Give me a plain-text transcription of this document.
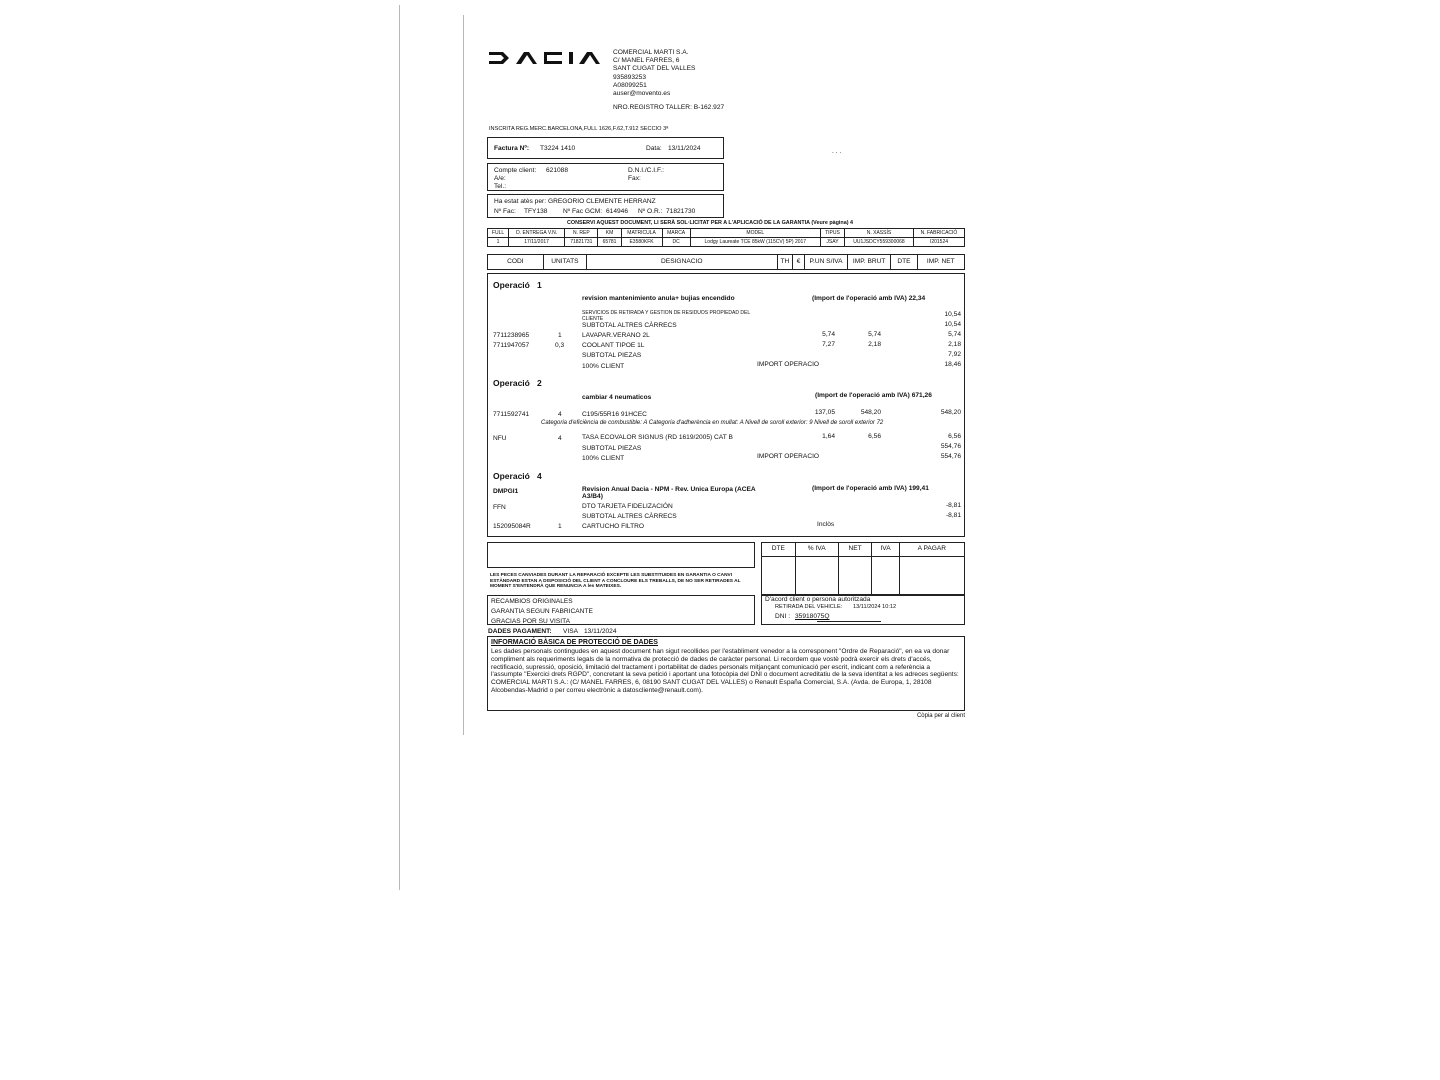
COMERCIAL MARTI S.A.
C/ MANEL FARRES, 6
SANT CUGAT DEL VALLES
935893253
A08099251
auser@movento.es
NRO.REGISTRO TALLER: B-162.927
INSCRITA REG.MERC.BARCELONA,FULL 1626,F.62,T.912 SECCIO 3ª
. . .
Factura Nº: T3224 1410	Data: 13/11/2024
Compte client: 621088	D.N.I./C.I.F.:
A/e:	Fax:
Tel.:
Ha estat atès per: GREGORIO CLEMENTE HERRANZ
Nº Fac: TFY138 Nº Fac GCM: 614946 Nº O.R.: 71821730
CONSERVI AQUEST DOCUMENT, LI SERÀ SOL·LICITAT PER A L'APLICACIÓ DE LA GARANTIA (Veure pàgina) 4
FULL	D. ENTREGA V.N.	N. REP	KM	MATRICULA	MARCA	MODEL	TIPUS	N. XASSÍS	N. FABRICACIÓ
1	17/11/2017	71821731	65781	E3580KFK	DC	Lodgy Laureate TCE 85kW (115CV) 5P) 2017	JSAY	UU1JSDCY559300068	I201524
CODI	UNITATS	DESIGNACIO	TH	€	P.UN S/IVA	IMP. BRUT	DTE	IMP. NET
Operació 1
revision mantenimiento anula+ bujias encendido	(Import de l'operació amb IVA) 22,34
SERVICIOS DE RETIRADA Y GESTION DE RESIDUOS PROPIEDAD DEL CLIENTE
10,54
SUBTOTAL ALTRES CÀRRECS	10,54
7711238965	1	LAVAPAR.VERANO 2L	5,74	5,74	5,74
7711947057	0,3	COOLANT TIPOE 1L	7,27	2,18	2,18
SUBTOTAL PIEZAS	7,92
100% CLIENT	IMPORT OPERACIO	18,46
Operació 2
cambiar 4 neumaticos	(Import de l'operació amb IVA) 671,26
7711592741	4	C195/55R16 91HCEC	137,05	548,20	548,20
Categoria d'eficiència de combustible: A Categoria d'adherència en mullat: A Nivell de soroll exterior: 9 Nivell de soroll exterior 72
NFU	4	TASA ECOVALOR SIGNUS (RD 1619/2005) CAT B	1,64	6,56	6,56
SUBTOTAL PIEZAS	554,76
100% CLIENT	IMPORT OPERACIO	554,76
Operació 4
DMPGI1	Revision Anual Dacia - NPM - Rev. Unica Europa (ACEA A3/B4)
(Import de l'operació amb IVA) 199,41
FFN	DTO TARJETA FIDELIZACIÓN	-8,81
SUBTOTAL ALTRES CÀRRECS	-8,81
152095084R	1	CARTUCHO FILTRO	Inclòs
DTE	% IVA	NET	IVA	A PAGAR

LES PECES CANVIADES DURANT LA REPARACIÓ EXCEPTE LES SUBSTITUIDES EN GARANTIA O CANVI ESTÀNDARD ESTAN A DISPOSICIÓ DEL CLIENT A CONCLOURE ELS TREBALLS, DE NO SER RETIRADES AL MOMENT S'ENTENDRÀ QUE RENUNCIA A les MATEIXES.
RECAMBIOS ORIGINALES
GARANTIA SEGUN FABRICANTE
GRACIAS POR SU VISITA
D'acord client o persona autoritzada
RETIRADA DEL VEHICLE: 13/11/2024 10:12
DNI : 35918075Q
DADES PAGAMENT: VISA 13/11/2024
INFORMACIÓ BÀSICA DE PROTECCIÓ DE DADES
Les dades personals contingudes en aquest document han sigut recollides per l'establiment venedor a la corresponent "Ordre de Reparació", en ea va donar compliment als requeriments legals de la normativa de protecció de dades de caràcter personal. Li recordem que vostè podrà exercir els drets d'accés, rectificació, supressió, oposició, limitació del tractament i portabilitat de dades personals mitjançant comunicació per escrit, indicant com a referència a l'assumpte "Exercici drets RGPD", concretant la seva petició i aportant una fotocòpia del DNI o document acreditatiu de la seva identitat a les adreces següents: COMERCIAL MARTI S.A.: (C/ MANEL FARRES, 6, 08190 SANT CUGAT DEL VALLES) o Renault España Comercial, S.A. (Avda. de Europa, 1, 28108 Alcobendas-Madrid o per correu electrònic a datoscliente@renault.com).
Còpia per al client
